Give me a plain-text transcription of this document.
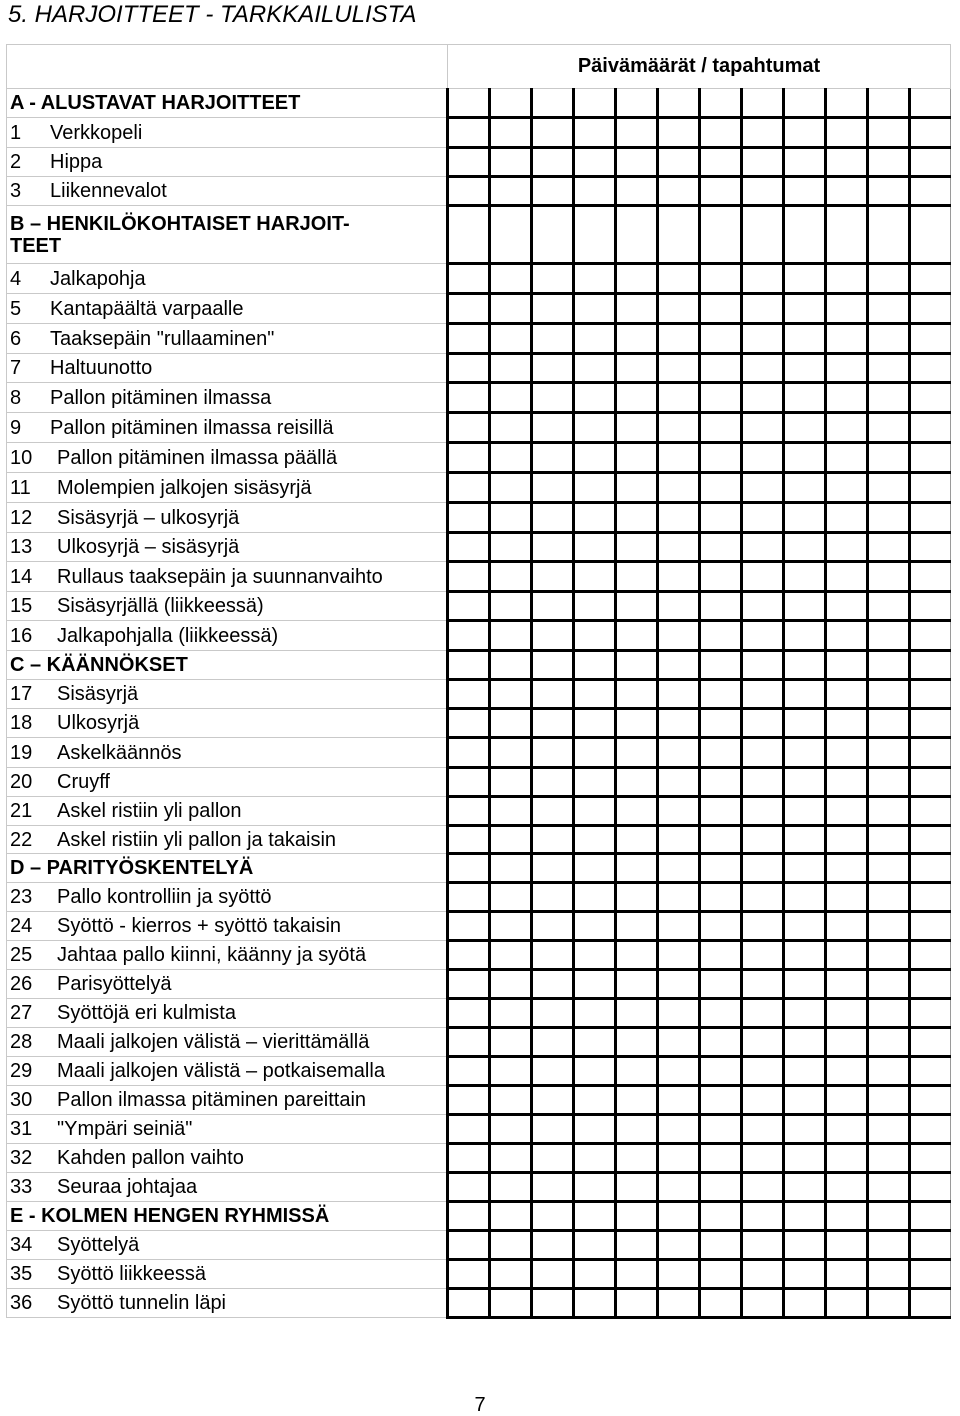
5. HARJOITTEET - TARKKAILULISTA
	Päivämäärät / tapahtumat											
A - ALUSTAVAT HARJOITTEET												
1 Verkkopeli												
2 Hippa												
3 Liikennevalot												

B – HENKILÖKOHTAISET HARJOIT-
TEET												

4 Jalkapohja												
5 Kantapäältä varpaalle												
6 Taaksepäin "rullaaminen"												
7 Haltuunotto												
8 Pallon pitäminen ilmassa												
9 Pallon pitäminen ilmassa reisillä												
10 Pallon pitäminen ilmassa päällä												
11 Molempien jalkojen sisäsyrjä												
12 Sisäsyrjä – ulkosyrjä												
13 Ulkosyrjä – sisäsyrjä												
14 Rullaus taaksepäin ja suunnanvaihto												
15 Sisäsyrjällä (liikkeessä)												
16 Jalkapohjalla (liikkeessä)												
C – KÄÄNNÖKSET												
17 Sisäsyrjä												
18 Ulkosyrjä												
19 Askelkäännös												
20 Cruyff												
21 Askel ristiin yli pallon												
22 Askel ristiin yli pallon ja takaisin												
D – PARITYÖSKENTELYÄ												
23 Pallo kontrolliin ja syöttö												
24 Syöttö - kierros + syöttö takaisin												
25 Jahtaa pallo kiinni, käänny ja syötä												
26 Parisyöttelyä												
27 Syöttöjä eri kulmista												
28 Maali jalkojen välistä – vierittämällä												
29 Maali jalkojen välistä – potkaisemalla												
30 Pallon ilmassa pitäminen pareittain												
31 "Ympäri seiniä"												
32 Kahden pallon vaihto												
33 Seuraa johtajaa												
E - KOLMEN HENGEN RYHMISSÄ												
34 Syöttelyä												
35 Syöttö liikkeessä												
36 Syöttö tunnelin läpi												
7
